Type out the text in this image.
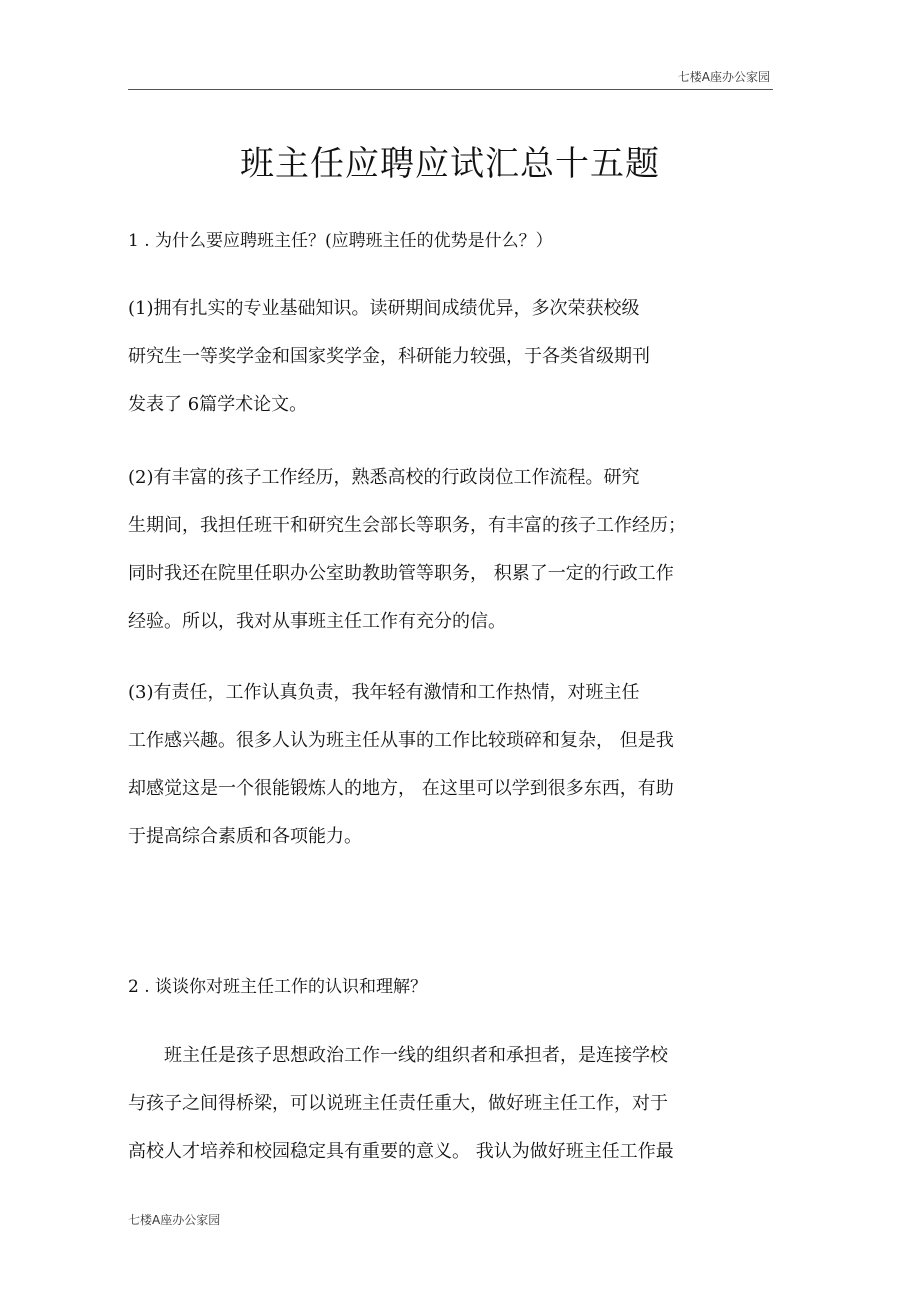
七楼A座办公家园
班主任应聘应试汇总十五题
1 . 为什么要应聘班主任？(应聘班主任的优势是什么？）
(1)拥有扎实的专业基础知识。读研期间成绩优异，多次荣获校级
研究生一等奖学金和国家奖学金，科研能力较强，于各类省级期刊
发表了 6篇学术论文。
(2)有丰富的孩子工作经历，熟悉高校的行政岗位工作流程。研究
生期间，我担任班干和研究生会部长等职务，有丰富的孩子工作经历；
同时我还在院里任职办公室助教助管等职务， 积累了一定的行政工作
经验。所以，我对从事班主任工作有充分的信。
(3)有责任，工作认真负责，我年轻有激情和工作热情，对班主任
工作感兴趣。很多人认为班主任从事的工作比较琐碎和复杂， 但是我
却感觉这是一个很能锻炼人的地方， 在这里可以学到很多东西，有助
于提高综合素质和各项能力。
2 . 谈谈你对班主任工作的认识和理解？
　　班主任是孩子思想政治工作一线的组织者和承担者，是连接学校
与孩子之间得桥梁，可以说班主任责任重大，做好班主任工作，对于
高校人才培养和校园稳定具有重要的意义。 我认为做好班主任工作最
七楼A座办公家园
